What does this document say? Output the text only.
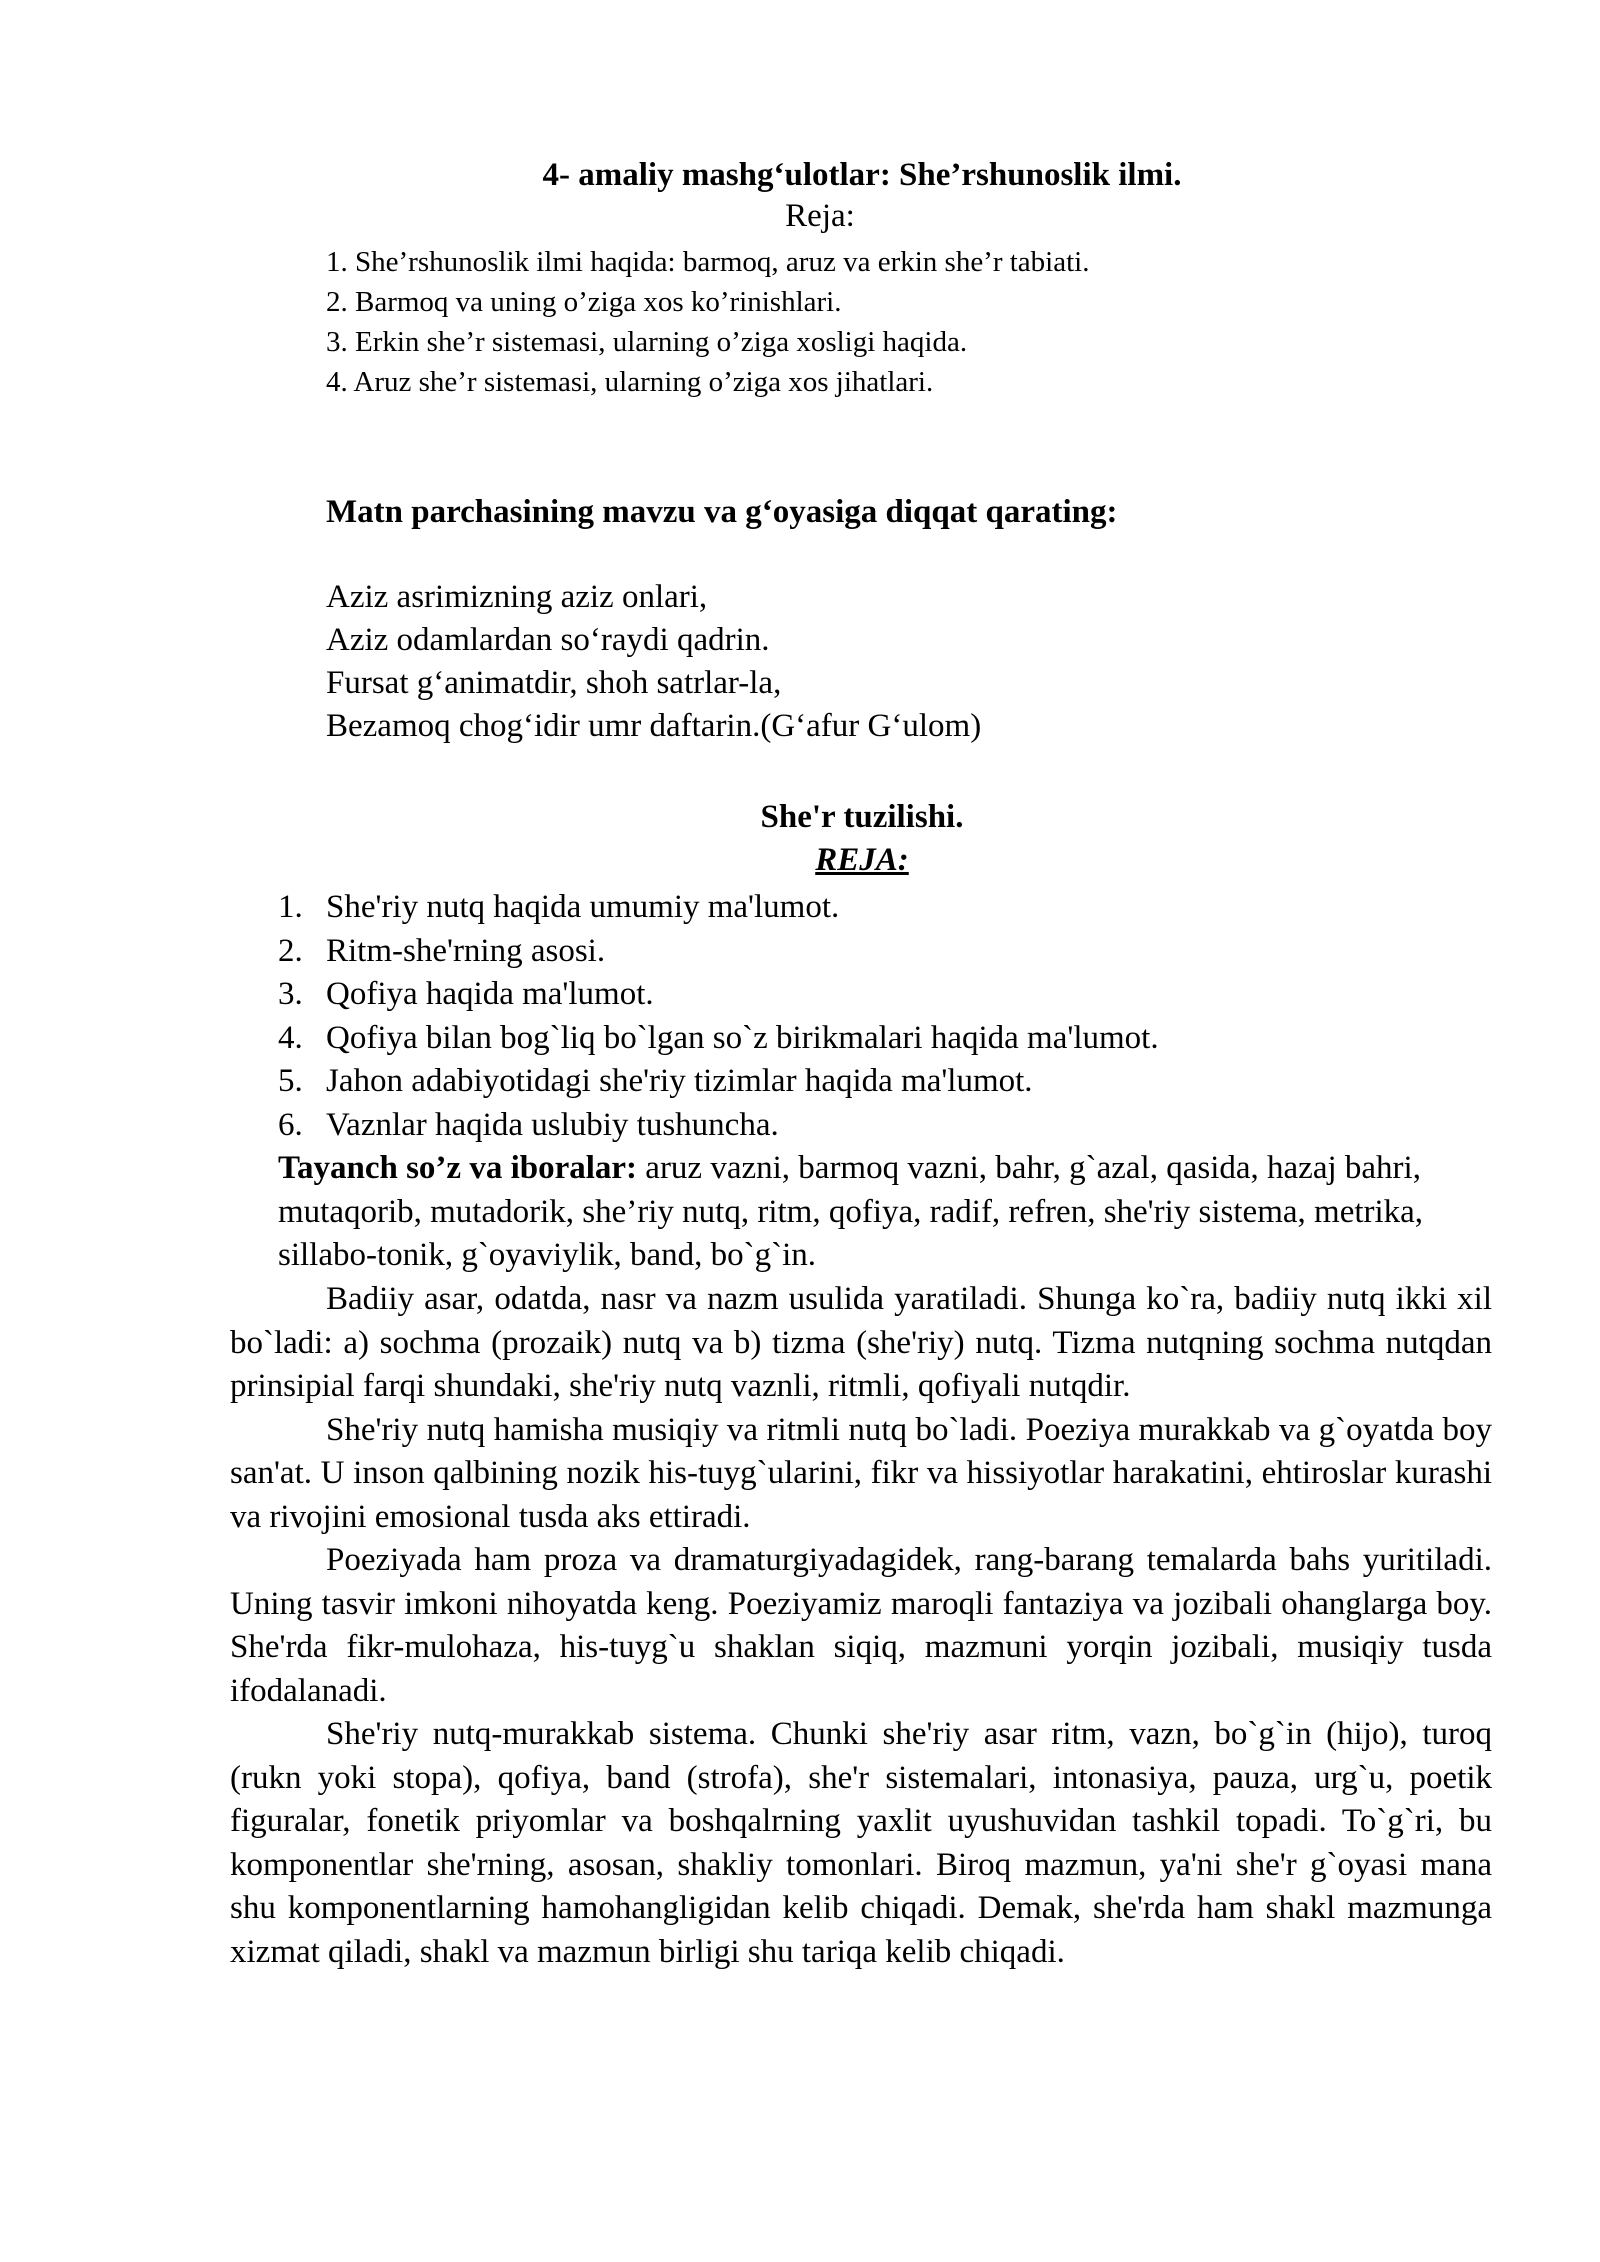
4- amaliy mashg‘ulotlar: She’rshunoslik ilmi.
Reja:
1. She’rshunoslik ilmi haqida: barmoq, aruz va erkin she’r tabiati.
2. Barmoq va uning o’ziga xos ko’rinishlari.
3. Erkin she’r sistemasi, ularning o’ziga xosligi haqida.
4. Aruz she’r sistemasi, ularning o’ziga xos jihatlari.
Matn parchasining mavzu va g‘oyasiga diqqat qarating:
Aziz asrimizning aziz onlari,
Aziz odamlardan so‘raydi qadrin.
Fursat g‘animatdir, shoh satrlar-la,
Bezamoq chog‘idir umr daftarin.(G‘afur G‘ulom)
She'r tuzilishi.
REJA:
1. She'riy nutq haqida umumiy ma'lumot.
2. Ritm-she'rning asosi.
3. Qofiya haqida ma'lumot.
4. Qofiya bilan bog`liq bo`lgan so`z birikmalari haqida ma'lumot.
5. Jahon adabiyotidagi she'riy tizimlar haqida ma'lumot.
6. Vaznlar haqida uslubiy tushuncha.
Tayanch so’z va iboralar: aruz vazni, barmoq vazni, bahr, g`azal, qasida, hazaj bahri, mutaqorib, mutadorik, she’riy nutq, ritm, qofiya, radif, refren, she'riy sistema, metrika, sillabo-tonik, g`oyaviylik, band, bo`g`in.

Badiiy asar, odatda, nasr va nazm usulida yaratiladi. Shunga ko`ra, badiiy nutq ikki xil bo`ladi: a) sochma (prozaik) nutq va b) tizma (she'riy) nutq. Tizma nutqning sochma nutqdan prinsipial farqi shundaki, she'riy nutq vaznli, ritmli, qofiyali nutqdir.

She'riy nutq hamisha musiqiy va ritmli nutq bo`ladi. Poeziya murakkab va g`oyatda boy san'at. U inson qalbining nozik his-tuyg`ularini, fikr va hissiyotlar harakatini, ehtiroslar kurashi va rivojini emosional tusda aks ettiradi.

Poeziyada ham proza va dramaturgiyadagidek, rang-barang temalarda bahs yuritiladi. Uning tasvir imkoni nihoyatda keng. Poeziyamiz maroqli fantaziya va jozibali ohanglarga boy. She'rda fikr-mulohaza, his-tuyg`u shaklan siqiq, mazmuni yorqin jozibali, musiqiy tusda ifodalanadi.

She'riy nutq-murakkab sistema. Chunki she'riy asar ritm, vazn, bo`g`in (hijo), turoq (rukn yoki stopa), qofiya, band (strofa), she'r sistemalari, intonasiya, pauza, urg`u, poetik figuralar, fonetik priyomlar va boshqalrning yaxlit uyushuvidan tashkil topadi. To`g`ri, bu komponentlar she'rning, asosan, shakliy tomonlari. Biroq mazmun, ya'ni she'r g`oyasi mana shu komponentlarning hamohangligidan kelib chiqadi. Demak, she'rda ham shakl mazmunga xizmat qiladi, shakl va mazmun birligi shu tariqa kelib chiqadi.
